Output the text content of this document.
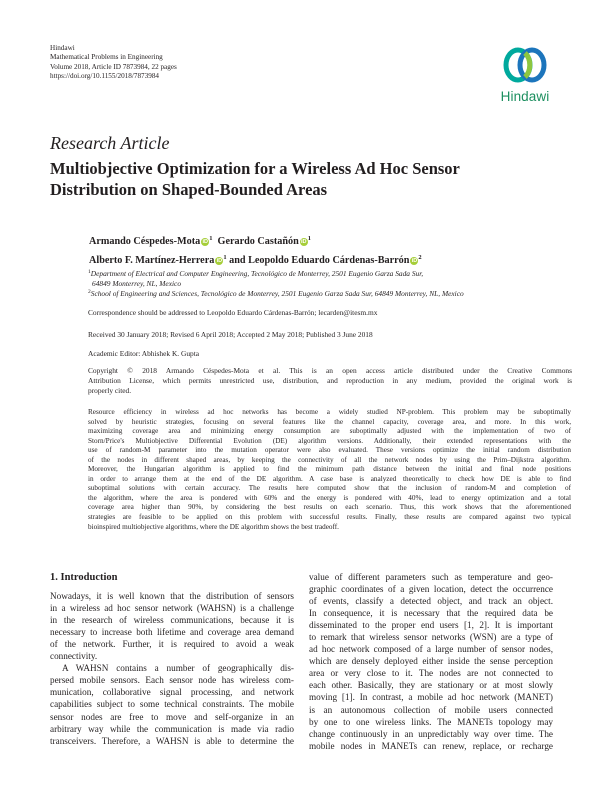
Hindawi
Mathematical Problems in Engineering
Volume 2018, Article ID 7873984, 22 pages
https://doi.org/10.1155/2018/7873984
Hindawi
Research Article
Multiobjective Optimization for a Wireless Ad Hoc Sensor
Distribution on Shaped-Bounded Areas
Armando Céspedes-Mota $iD^1$ Gerardo Castañón $iD^1$
Alberto F. Martínez-Herrera $iD^1$ and Leopoldo Eduardo Cárdenas-Barrón $iD^2$
$^1$Department of Electrical and Computer Engineering, Tecnológico de Monterrey, 2501 Eugenio Garza Sada Sur,
64849 Monterrey, NL, Mexico
$^2$School of Engineering and Sciences, Tecnológico de Monterrey, 2501 Eugenio Garza Sada Sur, 64849 Monterrey, NL, Mexico
Correspondence should be addressed to Leopoldo Eduardo Cárdenas-Barrón; lecarden@itesm.mx
Received 30 January 2018; Revised 6 April 2018; Accepted 2 May 2018; Published 3 June 2018
Academic Editor: Abhishek K. Gupta
Copyright © 2018 Armando Céspedes-Mota et al. This is an open access article distributed under the Creative Commons
Attribution License, which permits unrestricted use, distribution, and reproduction in any medium, provided the original work is
properly cited.
Resource efficiency in wireless ad hoc networks has become a widely studied NP-problem. This problem may be suboptimally
solved by heuristic strategies, focusing on several features like the channel capacity, coverage area, and more. In this work,
maximizing coverage area and minimizing energy consumption are suboptimally adjusted with the implementation of two of
Storn/Price's Multiobjective Differential Evolution (DE) algorithm versions. Additionally, their extended representations with the
use of random-M parameter into the mutation operator were also evaluated. These versions optimize the initial random distribution
of the nodes in different shaped areas, by keeping the connectivity of all the network nodes by using the Prim–Dijkstra algorithm.
Moreover, the Hungarian algorithm is applied to find the minimum path distance between the initial and final node positions
in order to arrange them at the end of the DE algorithm. A case base is analyzed theoretically to check how DE is able to find
suboptimal solutions with certain accuracy. The results here computed show that the inclusion of random-M and completion of
the algorithm, where the area is pondered with 60% and the energy is pondered with 40%, lead to energy optimization and a total
coverage area higher than 90%, by considering the best results on each scenario. Thus, this work shows that the aforementioned
strategies are feasible to be applied on this problem with successful results. Finally, these results are compared against two typical
bioinspired multiobjective algorithms, where the DE algorithm shows the best tradeoff.
1. Introduction
Nowadays, it is well known that the distribution of sensors
in a wireless ad hoc sensor network (WAHSN) is a challenge
in the research of wireless communications, because it is
necessary to increase both lifetime and coverage area demand
of the network. Further, it is required to avoid a weak
connectivity.
A WAHSN contains a number of geographically dis-
persed mobile sensors. Each sensor node has wireless com-
munication, collaborative signal processing, and network
capabilities subject to some technical constraints. The mobile
sensor nodes are free to move and self-organize in an
arbitrary way while the communication is made via radio
transceivers. Therefore, a WAHSN is able to determine the
value of different parameters such as temperature and geo-
graphic coordinates of a given location, detect the occurrence
of events, classify a detected object, and track an object.
In consequence, it is necessary that the required data be
disseminated to the proper end users [1, 2]. It is important
to remark that wireless sensor networks (WSN) are a type of
ad hoc network composed of a large number of sensor nodes,
which are densely deployed either inside the sense perception
area or very close to it. The nodes are not connected to
each other. Basically, they are stationary or at most slowly
moving [1]. In contrast, a mobile ad hoc network (MANET)
is an autonomous collection of mobile users connected
by one to one wireless links. The MANETs topology may
change continuously in an unpredictably way over time. The
mobile nodes in MANETs can renew, replace, or recharge
